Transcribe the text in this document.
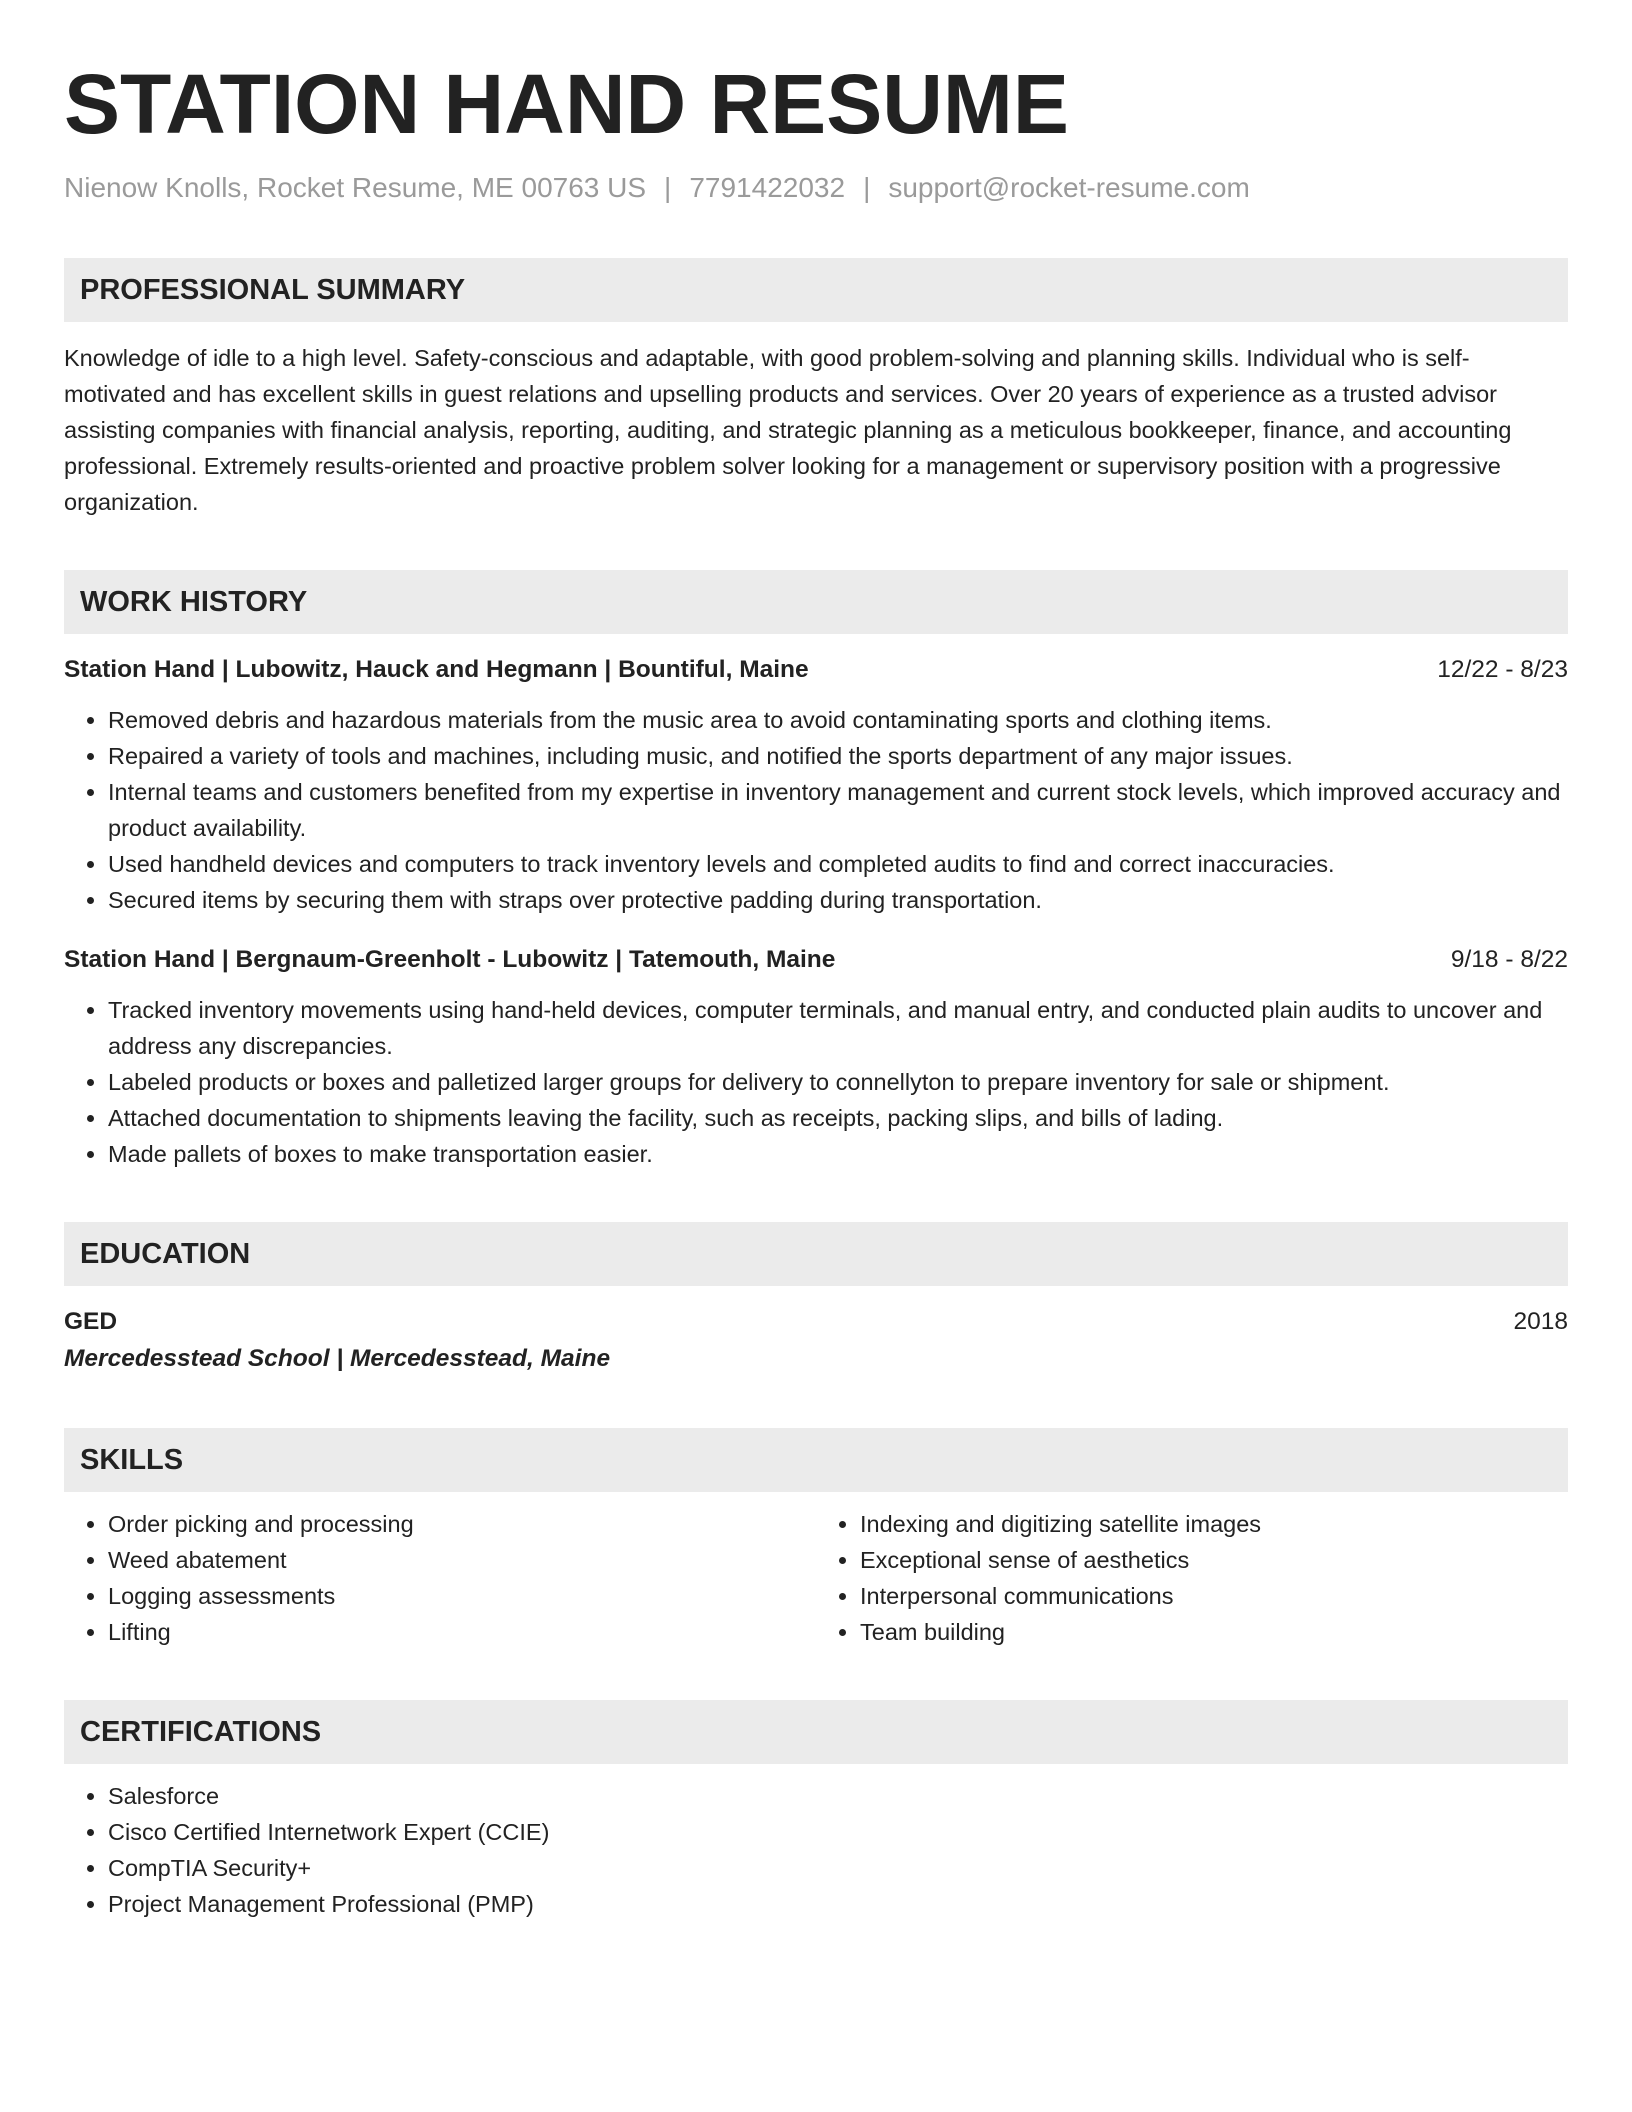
STATION HAND RESUME
Nienow Knolls, Rocket Resume, ME 00763 US | 7791422032 | support@rocket-resume.com
PROFESSIONAL SUMMARY
Knowledge of idle to a high level. Safety-conscious and adaptable, with good problem-solving and planning skills. Individual who is self-motivated and has excellent skills in guest relations and upselling products and services. Over 20 years of experience as a trusted advisor assisting companies with financial analysis, reporting, auditing, and strategic planning as a meticulous bookkeeper, finance, and accounting professional. Extremely results-oriented and proactive problem solver looking for a management or supervisory position with a progressive organization.
WORK HISTORY
Station Hand | Lubowitz, Hauck and Hegmann | Bountiful, Maine	12/22 - 8/23
• Removed debris and hazardous materials from the music area to avoid contaminating sports and clothing items.
• Repaired a variety of tools and machines, including music, and notified the sports department of any major issues.
• Internal teams and customers benefited from my expertise in inventory management and current stock levels, which improved accuracy and product availability.
• Used handheld devices and computers to track inventory levels and completed audits to find and correct inaccuracies.
• Secured items by securing them with straps over protective padding during transportation.
Station Hand | Bergnaum-Greenholt - Lubowitz | Tatemouth, Maine	9/18 - 8/22
• Tracked inventory movements using hand-held devices, computer terminals, and manual entry, and conducted plain audits to uncover and address any discrepancies.
• Labeled products or boxes and palletized larger groups for delivery to connellyton to prepare inventory for sale or shipment.
• Attached documentation to shipments leaving the facility, such as receipts, packing slips, and bills of lading.
• Made pallets of boxes to make transportation easier.
EDUCATION
GED	2018
Mercedesstead School | Mercedesstead, Maine
SKILLS
• Order picking and processing
• Weed abatement
• Logging assessments
• Lifting
• Indexing and digitizing satellite images
• Exceptional sense of aesthetics
• Interpersonal communications
• Team building
CERTIFICATIONS
• Salesforce
• Cisco Certified Internetwork Expert (CCIE)
• CompTIA Security+
• Project Management Professional (PMP)
